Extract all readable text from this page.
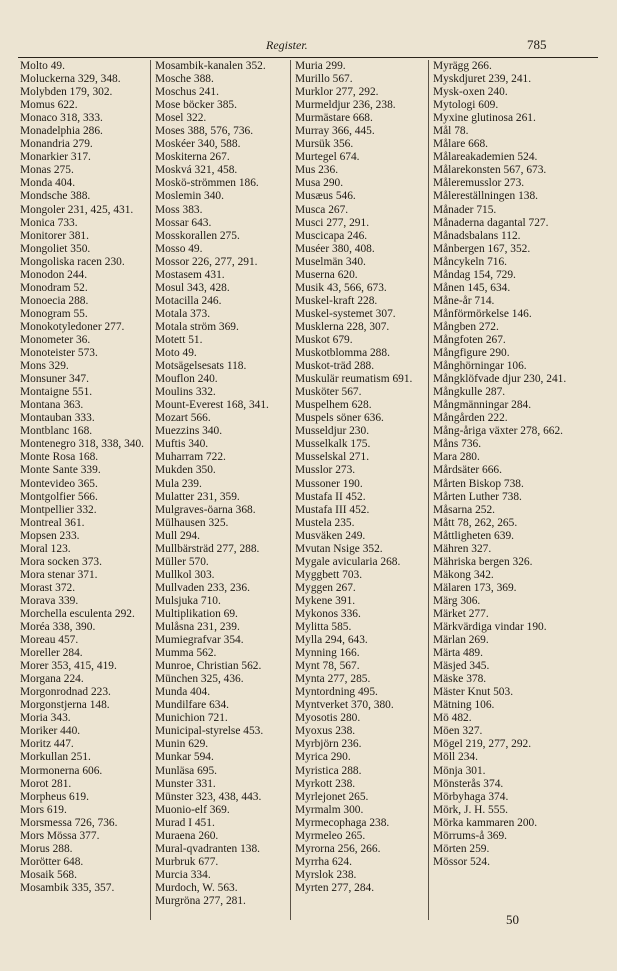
Register.	785
Molto 49.
Moluckerna 329, 348.
Molybden 179, 302.
Momus 622.
Monaco 318, 333.
Monadelphia 286.
Monandria 279.
Monarkier 317.
Monas 275.
Monda 404.
Mondsche 388.
Mongoler 231, 425, 431.
Monica 733.
Monitorer 381.
Mongoliet 350.
Mongoliska racen 230.
Monodon 244.
Monodram 52.
Monoecia 288.
Monogram 55.
Monokotyledoner 277.
Monometer 36.
Monoteister 573.
Mons 329.
Monsuner 347.
Montaigne 551.
Montana 363.
Montauban 333.
Montblanc 168.
Montenegro 318, 338, 340.
Monte Rosa 168.
Monte Sante 339.
Montevideo 365.
Montgolfier 566.
Montpellier 332.
Montreal 361.
Mopsen 233.
Moral 123.
Mora socken 373.
Mora stenar 371.
Morast 372.
Morava 339.
Morchella esculenta 292.
Moréa 338, 390.
Moreau 457.
Moreller 284.
Morer 353, 415, 419.
Morgana 224.
Morgonrodnad 223.
Morgonstjerna 148.
Moria 343.
Moriker 440.
Moritz 447.
Morkullan 251.
Mormonerna 606.
Morot 281.
Morpheus 619.
Mors 619.
Morsmessa 726, 736.
Mors Mössa 377.
Morus 288.
Morötter 648.
Mosaik 568.
Mosambik 335, 357.
Mosambik-kanalen 352.
Mosche 388.
Moschus 241.
Mose böcker 385.
Mosel 322.
Moses 388, 576, 736.
Moskéer 340, 588.
Moskiterna 267.
Moskvá 321, 458.
Moskö-strömmen 186.
Moslemin 340.
Moss 383.
Mossar 643.
Mosskorallen 275.
Mosso 49.
Mossor 226, 277, 291.
Mostasem 431.
Mosul 343, 428.
Motacilla 246.
Motala 373.
Motala ström 369.
Motett 51.
Moto 49.
Motsägelsesats 118.
Mouflon 240.
Moulins 332.
Mount-Everest 168, 341.
Mozart 566.
Muezzins 340.
Muftis 340.
Muharram 722.
Mukden 350.
Mula 239.
Mulatter 231, 359.
Mulgraves-öarna 368.
Mülhausen 325.
Mull 294.
Mullbärsträd 277, 288.
Müller 570.
Mullkol 303.
Mullvaden 233, 236.
Mulsjuka 710.
Multiplikation 69.
Mulåsna 231, 239.
Mumiegrafvar 354.
Mumma 562.
Munroe, Christian 562.
München 325, 436.
Munda 404.
Mundilfare 634.
Munichion 721.
Municipal-styrelse 453.
Munin 629.
Munkar 594.
Munläsa 695.
Munster 331.
Münster 323, 438, 443.
Muonio-elf 369.
Murad I 451.
Muraena 260.
Mural-qvadranten 138.
Murbruk 677.
Murcia 334.
Murdoch, W. 563.
Murgröna 277, 281.
Muria 299.
Murillo 567.
Murklor 277, 292.
Murmeldjur 236, 238.
Murmästare 668.
Murray 366, 445.
Mursük 356.
Murtegel 674.
Mus 236.
Musa 290.
Musæus 546.
Musca 267.
Musci 277, 291.
Muscicapa 246.
Muséer 380, 408.
Muselmän 340.
Muserna 620.
Musik 43, 566, 673.
Muskel-kraft 228.
Muskel-systemet 307.
Musklerna 228, 307.
Muskot 679.
Muskotblomma 288.
Muskot-träd 288.
Muskulär reumatism 691.
Musköter 567.
Muspelhem 628.
Muspels söner 636.
Musseldjur 230.
Musselkalk 175.
Musselskal 271.
Musslor 273.
Mussoner 190.
Mustafa II 452.
Mustafa III 452.
Mustela 235.
Musväken 249.
Mvutan Nsige 352.
Mygale avicularia 268.
Myggbett 703.
Myggen 267.
Mykene 391.
Mykonos 336.
Mylitta 585.
Mylla 294, 643.
Mynning 166.
Mynt 78, 567.
Mynta 277, 285.
Myntordning 495.
Myntverket 370, 380.
Myosotis 280.
Myoxus 238.
Myrbjörn 236.
Myrica 290.
Myristica 288.
Myrkott 238.
Myrlejonet 265.
Myrmalm 300.
Myrmecophaga 238.
Myrmeleo 265.
Myrorna 256, 266.
Myrrha 624.
Myrslok 238.
Myrten 277, 284.
Myrägg 266.
Myskdjuret 239, 241.
Mysk-oxen 240.
Mytologi 609.
Myxine glutinosa 261.
Mål 78.
Målare 668.
Målareakademien 524.
Målarekonsten 567, 673.
Måleremusslor 273.
Målereställningen 138.
Månader 715.
Månaderna dagantal 727.
Månadsbalans 112.
Månbergen 167, 352.
Måncykeln 716.
Måndag 154, 729.
Månen 145, 634.
Måne-år 714.
Månförmörkelse 146.
Mångben 272.
Mångfoten 267.
Mångfigure 290.
Månghörningar 106.
Mångklöfvade djur 230, 241.
Mångkulle 287.
Mångmänningar 284.
Mångården 222.
Mång-åriga växter 278, 662.
Måns 736.
Mara 280.
Mårdsäter 666.
Mårten Biskop 738.
Mårten Luther 738.
Måsarna 252.
Mått 78, 262, 265.
Måttligheten 639.
Mähren 327.
Mähriska bergen 326.
Mäkong 342.
Mälaren 173, 369.
Märg 306.
Märket 277.
Märkvärdiga vindar 190.
Märlan 269.
Märta 489.
Mäsjed 345.
Mäske 378.
Mäster Knut 503.
Mätning 106.
Mö 482.
Möen 327.
Mögel 219, 277, 292.
Möll 234.
Mönja 301.
Mönsterås 374.
Mörbyhaga 374.
Mörk, J. H. 555.
Mörka kammaren 200.
Mörrums-å 369.
Mörten 259.
Mössor 524.
50
